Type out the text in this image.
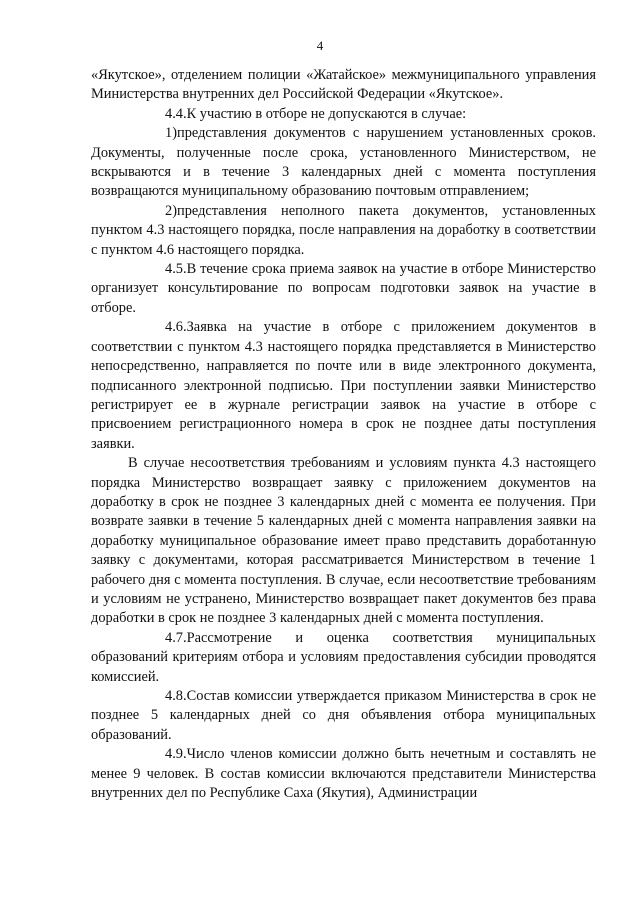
4

«Якутское», отделением полиции «Жатайское» межмуниципального управления Министерства внутренних дел Российской Федерации «Якутское».

4.4.К участию в отборе не допускаются в случае:

1)представления документов с нарушением установленных сроков. Документы, полученные после срока, установленного Министерством, не вскрываются и в течение 3 календарных дней с момента поступления возвращаются муниципальному образованию почтовым отправлением;

2)представления неполного пакета документов, установленных пунктом 4.3 настоящего порядка, после направления на доработку в соответствии с пунктом 4.6 настоящего порядка.

4.5.В течение срока приема заявок на участие в отборе Министерство организует консультирование по вопросам подготовки заявок на участие в отборе.

4.6.Заявка на участие в отборе с приложением документов в соответствии с пунктом 4.3 настоящего порядка представляется в Министерство непосредственно, направляется по почте или в виде электронного документа, подписанного электронной подписью. При поступлении заявки Министерство регистрирует ее в журнале регистрации заявок на участие в отборе с присвоением регистрационного номера в срок не позднее даты поступления заявки.

В случае несоответствия требованиям и условиям пункта 4.3 настоящего порядка Министерство возвращает заявку с приложением документов на доработку в срок не позднее 3 календарных дней с момента ее получения. При возврате заявки в течение 5 календарных дней с момента направления заявки на доработку муниципальное образование имеет право представить доработанную заявку с документами, которая рассматривается Министерством в течение 1 рабочего дня с момента поступления. В случае, если несоответствие требованиям и условиям не устранено, Министерство возвращает пакет документов без права доработки в срок не позднее 3 календарных дней с момента поступления.

4.7.Рассмотрение и оценка соответствия муниципальных образований критериям отбора и условиям предоставления субсидии проводятся комиссией.

4.8.Состав комиссии утверждается приказом Министерства в срок не позднее 5 календарных дней со дня объявления отбора муниципальных образований.

4.9.Число членов комиссии должно быть нечетным и составлять не менее 9 человек. В состав комиссии включаются представители Министерства внутренних дел по Республике Саха (Якутия), Администрации
